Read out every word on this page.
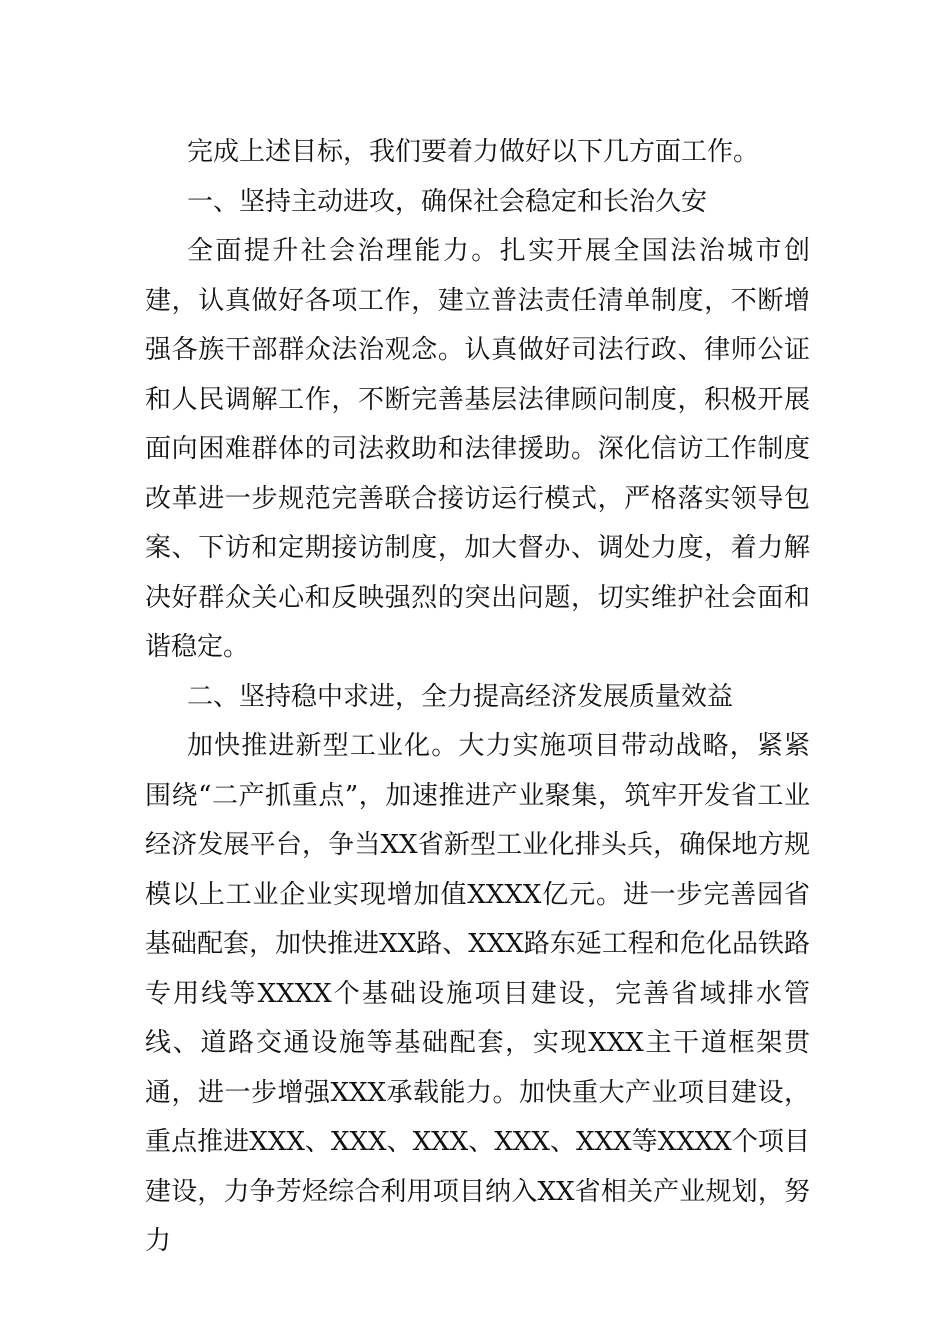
完成上述目标，我们要着力做好以下几方面工作。

一、坚持主动进攻，确保社会稳定和长治久安

全面提升社会治理能力。扎实开展全国法治城市创建，认真做好各项工作，建立普法责任清单制度，不断增强各族干部群众法治观念。认真做好司法行政、律师公证和人民调解工作，不断完善基层法律顾问制度，积极开展面向困难群体的司法救助和法律援助。深化信访工作制度改革进一步规范完善联合接访运行模式，严格落实领导包案、下访和定期接访制度，加大督办、调处力度，着力解决好群众关心和反映强烈的突出问题，切实维护社会面和谐稳定。

二、坚持稳中求进，全力提高经济发展质量效益

加快推进新型工业化。大力实施项目带动战略，紧紧围绕“二产抓重点”，加速推进产业聚集，筑牢开发省工业经济发展平台，争当XX省新型工业化排头兵，确保地方规模以上工业企业实现增加值XXXX亿元。进一步完善园省基础配套，加快推进XX路、XXX路东延工程和危化品铁路专用线等XXXX个基础设施项目建设，完善省域排水管线、道路交通设施等基础配套，实现XXX主干道框架贯通，进一步增强XXX承载能力。加快重大产业项目建设，重点推进XXX、XXX、XXX、XXX、XXX等XXXX个项目建设，力争芳烃综合利用项目纳入XX省相关产业规划，努力
